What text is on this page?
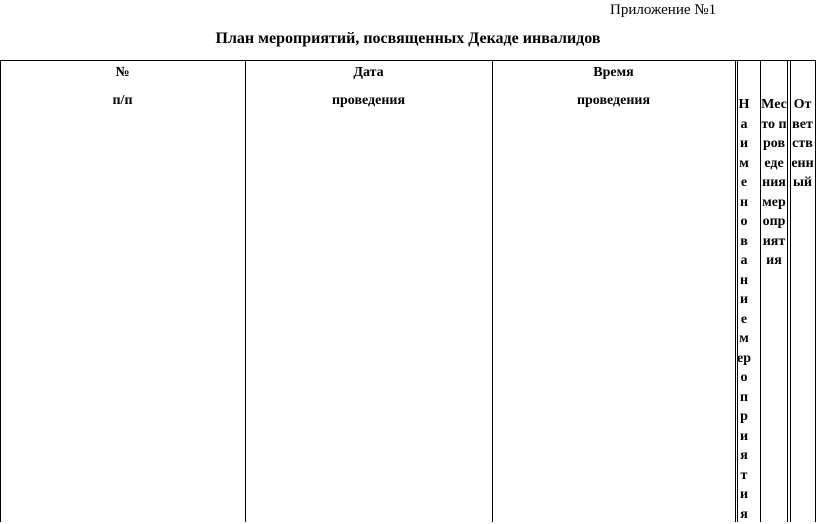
Приложение №1
План мероприятий, посвященных Декаде инвалидов
№
п/п
Дата
проведения
Время
проведения	Наименование мероприятия
Место проведения мероприятия
Ответственный
